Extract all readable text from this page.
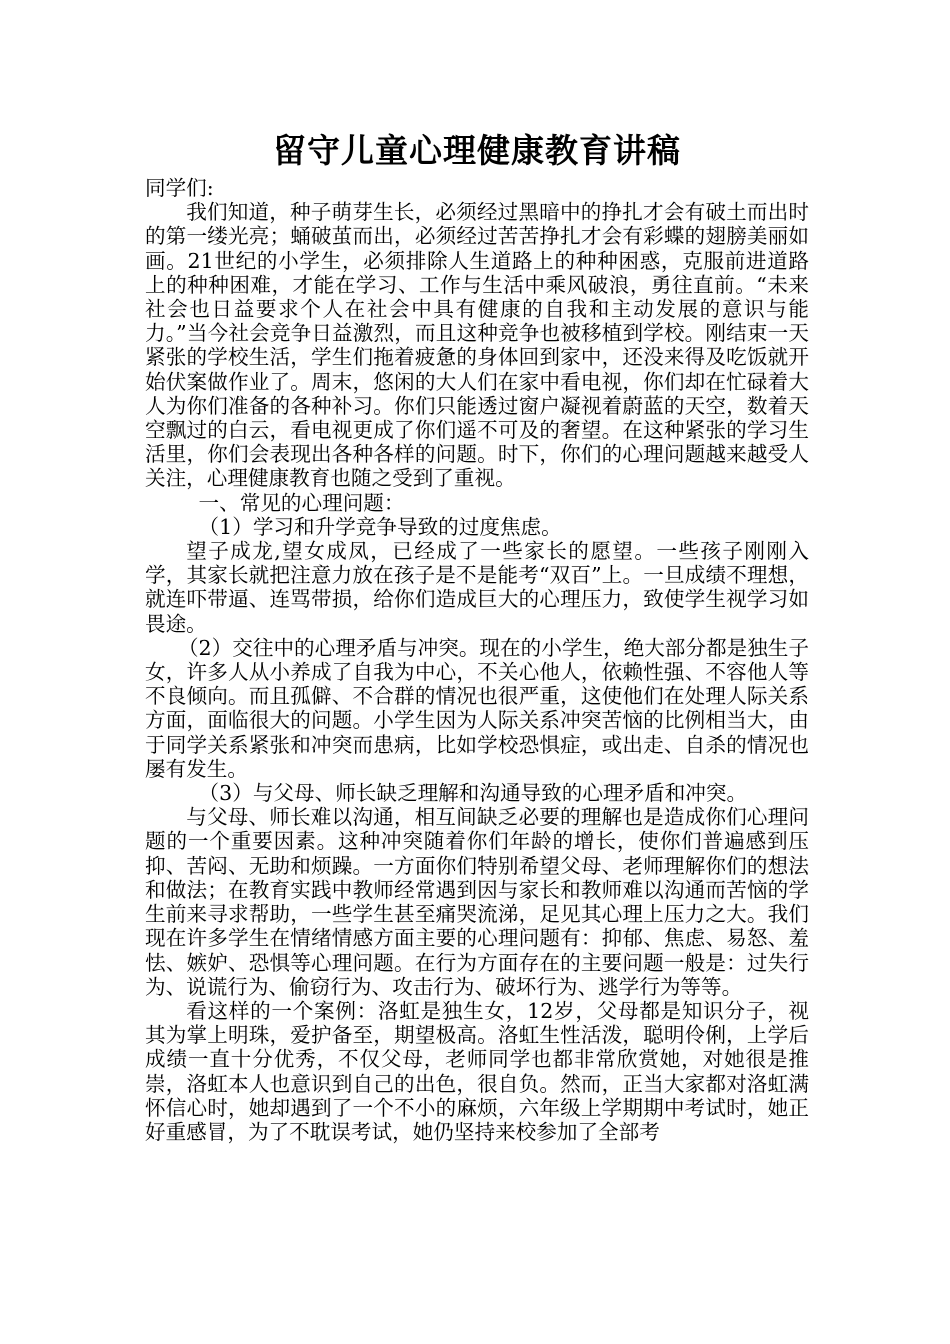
留守儿童心理健康教育讲稿

同学们:

我们知道，种子萌芽生长，必须经过黑暗中的挣扎才会有破土而出时的第一缕光亮；蛹破茧而出，必须经过苦苦挣扎才会有彩蝶的翅膀美丽如画。21世纪的小学生，必须排除人生道路上的种种困惑，克服前进道路上的种种困难，才能在学习、工作与生活中乘风破浪，勇往直前。“未来社会也日益要求个人在社会中具有健康的自我和主动发展的意识与能力。”当今社会竞争日益激烈，而且这种竞争也被移植到学校。刚结束一天紧张的学校生活，学生们拖着疲惫的身体回到家中，还没来得及吃饭就开始伏案做作业了。周末，悠闲的大人们在家中看电视，你们却在忙碌着大人为你们准备的各种补习。你们只能透过窗户凝视着蔚蓝的天空，数着天空飘过的白云，看电视更成了你们遥不可及的奢望。在这种紧张的学习生活里，你们会表现出各种各样的问题。时下，你们的心理问题越来越受人关注，心理健康教育也随之受到了重视。

一、常见的心理问题：

（1）学习和升学竞争导致的过度焦虑。

望子成龙,望女成凤，已经成了一些家长的愿望。一些孩子刚刚入学，其家长就把注意力放在孩子是不是能考“双百”上。一旦成绩不理想，就连吓带逼、连骂带损，给你们造成巨大的心理压力，致使学生视学习如畏途。

（2）交往中的心理矛盾与冲突。现在的小学生，绝大部分都是独生子女，许多人从小养成了自我为中心，不关心他人，依赖性强、不容他人等不良倾向。而且孤僻、不合群的情况也很严重，这使他们在处理人际关系方面，面临很大的问题。小学生因为人际关系冲突苦恼的比例相当大，由于同学关系紧张和冲突而患病，比如学校恐惧症，或出走、自杀的情况也屡有发生。

（3）与父母、师长缺乏理解和沟通导致的心理矛盾和冲突。

与父母、师长难以沟通，相互间缺乏必要的理解也是造成你们心理问题的一个重要因素。这种冲突随着你们年龄的增长，使你们普遍感到压抑、苦闷、无助和烦躁。一方面你们特别希望父母、老师理解你们的想法和做法；在教育实践中教师经常遇到因与家长和教师难以沟通而苦恼的学生前来寻求帮助，一些学生甚至痛哭流涕，足见其心理上压力之大。我们现在许多学生在情绪情感方面主要的心理问题有：抑郁、焦虑、易怒、羞怯、嫉妒、恐惧等心理问题。在行为方面存在的主要问题一般是：过失行为、说谎行为、偷窃行为、攻击行为、破坏行为、逃学行为等等。

看这样的一个案例：洛虹是独生女，12岁，父母都是知识分子，视其为掌上明珠，爱护备至，期望极高。洛虹生性活泼，聪明伶俐，上学后成绩一直十分优秀，不仅父母，老师同学也都非常欣赏她，对她很是推崇，洛虹本人也意识到自己的出色，很自负。然而，正当大家都对洛虹满怀信心时，她却遇到了一个不小的麻烦，六年级上学期期中考试时，她正好重感冒，为了不耽误考试，她仍坚持来校参加了全部考
